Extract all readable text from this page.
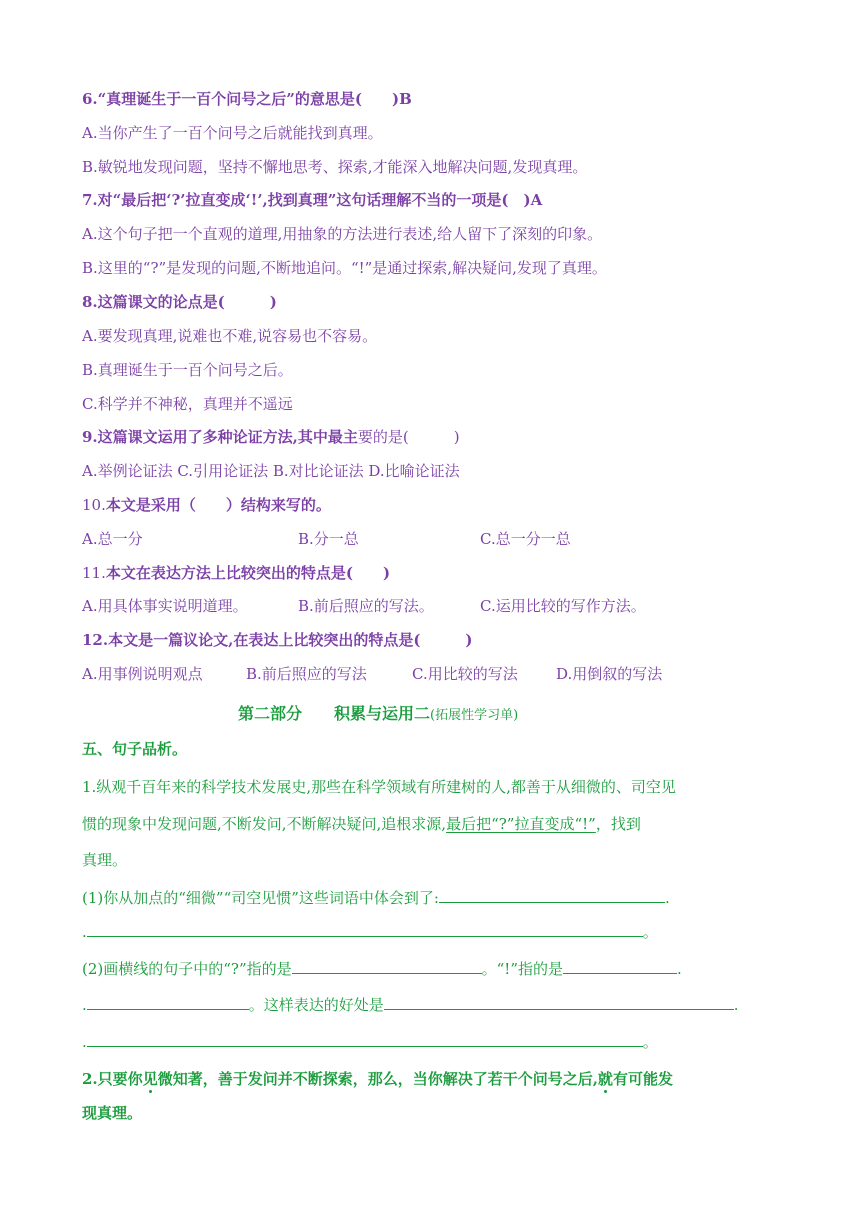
6.“真理诞生于一百个问号之后”的意思是(　　)B
A.当你产生了一百个问号之后就能找到真理。
B.敏锐地发现问题，坚持不懈地思考、探索,才能深入地解决问题,发现真理。
7.对“最后把‘?’拉直变成‘!’,找到真理”这句话理解不当的一项是(　)A
A.这个句子把一个直观的道理,用抽象的方法进行表述,给人留下了深刻的印象。
B.这里的“?”是发现的问题,不断地追问。“!”是通过探索,解决疑问,发现了真理。
8.这篇课文的论点是(　　　)
A.要发现真理,说难也不难,说容易也不容易。
B.真理诞生于一百个问号之后。
C.科学并不神秘，真理并不遥远
9.这篇课文运用了多种论证方法,其中最主要的是(　　　)
A.举例论证法 C.引用论证法 B.对比论证法 D.比喻论证法
10.本文是采用（　　）结构来写的。
A.总一分	B.分一总	C.总一分一总
11.本文在表达方法上比较突出的特点是(　　)
A.用具体事实说明道理。	B.前后照应的写法。	C.运用比较的写作方法。
12.本文是一篇议论文,在表达上比较突出的特点是(　　　)
A.用事例说明观点	B.前后照应的写法	C.用比较的写法	D.用倒叙的写法
第二部分 积累与运用二(拓展性学习单)
五、句子品析。
1.纵观千百年来的科学技术发展史,那些在科学领域有所建树的人,都善于从细微的、司空见
惯的现象中发现问题,不断发问,不断解决疑问,追根求源,最后把“?”拉直变成“!”，找到
真理。
(1)你从加点的“细微”“司空见惯”这些词语中体会到了:	.
.	。
(2)画横线的句子中的“?”指的是	。“!”指的是	.
.	。这样表达的好处是	.
.	。
2.只要你见微知著，善于发问并不断探索，那么，当你解决了若干个问号之后,就有可能发
现真理。
